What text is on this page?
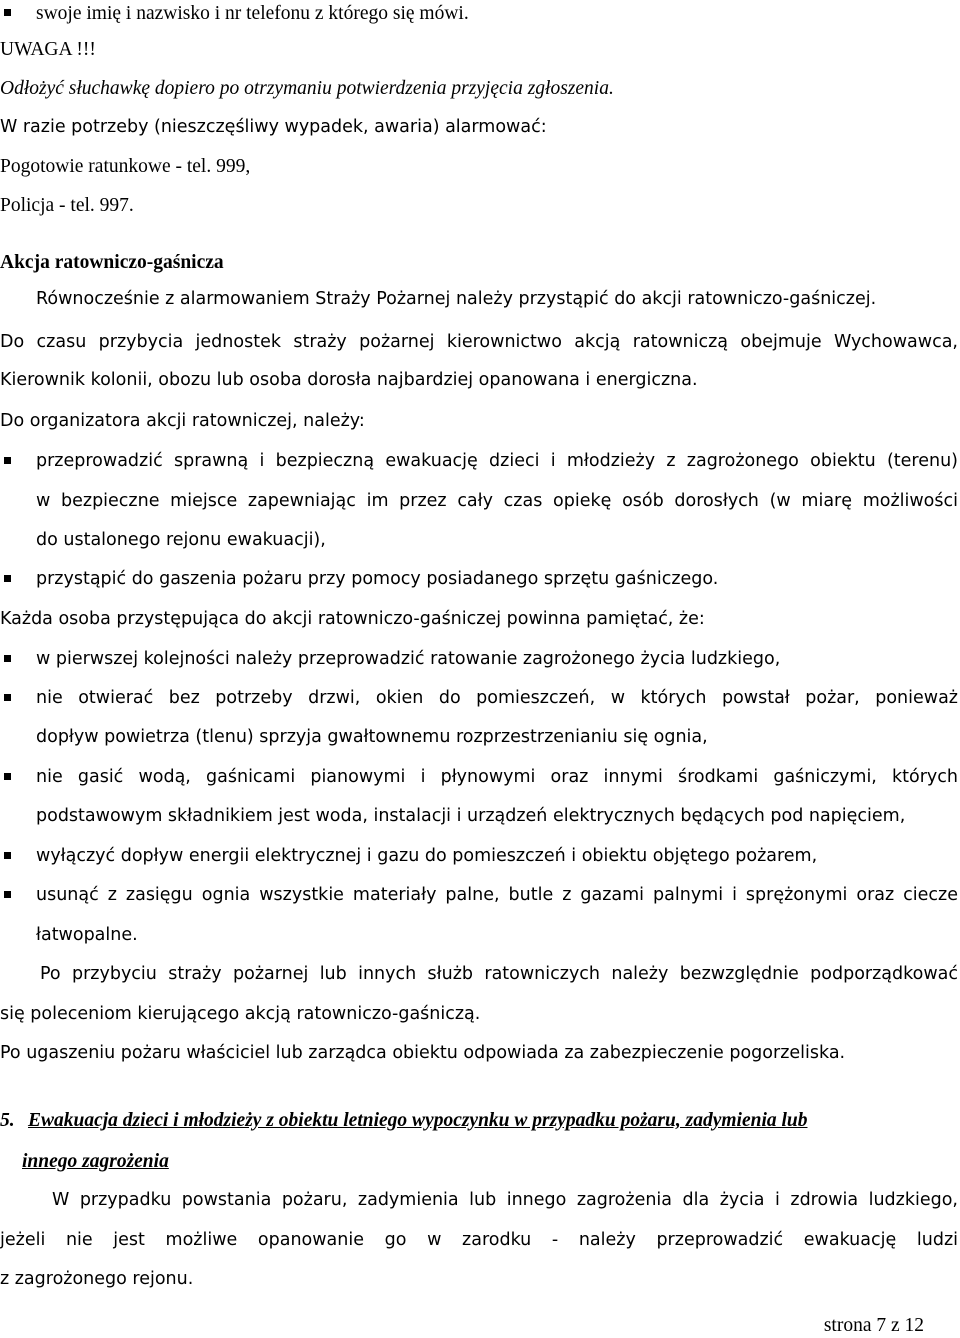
swoje imię i nazwisko i nr telefonu z którego się mówi.
UWAGA !!!
Odłożyć słuchawkę dopiero po otrzymaniu potwierdzenia przyjęcia zgłoszenia.
W razie potrzeby (nieszczęśliwy wypadek, awaria) alarmować:
Pogotowie ratunkowe - tel. 999,
Policja - tel. 997.
Akcja ratowniczo-gaśnicza
Równocześnie z alarmowaniem Straży Pożarnej należy przystąpić do akcji ratowniczo-gaśniczej.
Do czasu przybycia jednostek straży pożarnej kierownictwo akcją ratowniczą obejmuje Wychowawca,
Kierownik kolonii, obozu lub osoba dorosła najbardziej opanowana i energiczna.
Do organizatora akcji ratowniczej, należy:
przeprowadzić sprawną i bezpieczną ewakuację dzieci i młodzieży z zagrożonego obiektu (terenu)
w bezpieczne miejsce zapewniając im przez cały czas opiekę osób dorosłych (w miarę możliwości
do ustalonego rejonu ewakuacji),
przystąpić do gaszenia pożaru przy pomocy posiadanego sprzętu gaśniczego.
Każda osoba przystępująca do akcji ratowniczo-gaśniczej powinna pamiętać, że:
w pierwszej kolejności należy przeprowadzić ratowanie zagrożonego życia ludzkiego,
nie otwierać bez potrzeby drzwi, okien do pomieszczeń, w których powstał pożar, ponieważ
dopływ powietrza (tlenu) sprzyja gwałtownemu rozprzestrzenianiu się ognia,
nie gasić wodą, gaśnicami pianowymi i płynowymi oraz innymi środkami gaśniczymi, których
podstawowym składnikiem jest woda, instalacji i urządzeń elektrycznych będących pod napięciem,
wyłączyć dopływ energii elektrycznej i gazu do pomieszczeń i obiektu objętego pożarem,
usunąć z zasięgu ognia wszystkie materiały palne, butle z gazami palnymi i sprężonymi oraz ciecze
łatwopalne.
Po przybyciu straży pożarnej lub innych służb ratowniczych należy bezwzględnie podporządkować
się poleceniom kierującego akcją ratowniczo-gaśniczą.
Po ugaszeniu pożaru właściciel lub zarządca obiektu odpowiada za zabezpieczenie pogorzeliska.
5. Ewakuacja dzieci i młodzieży z obiektu letniego wypoczynku w przypadku pożaru, zadymienia lub
innego zagrożenia
W przypadku powstania pożaru, zadymienia lub innego zagrożenia dla życia i zdrowia ludzkiego,
jeżeli nie jest możliwe opanowanie go w zarodku - należy przeprowadzić ewakuację ludzi
z zagrożonego rejonu.
strona 7 z 12
